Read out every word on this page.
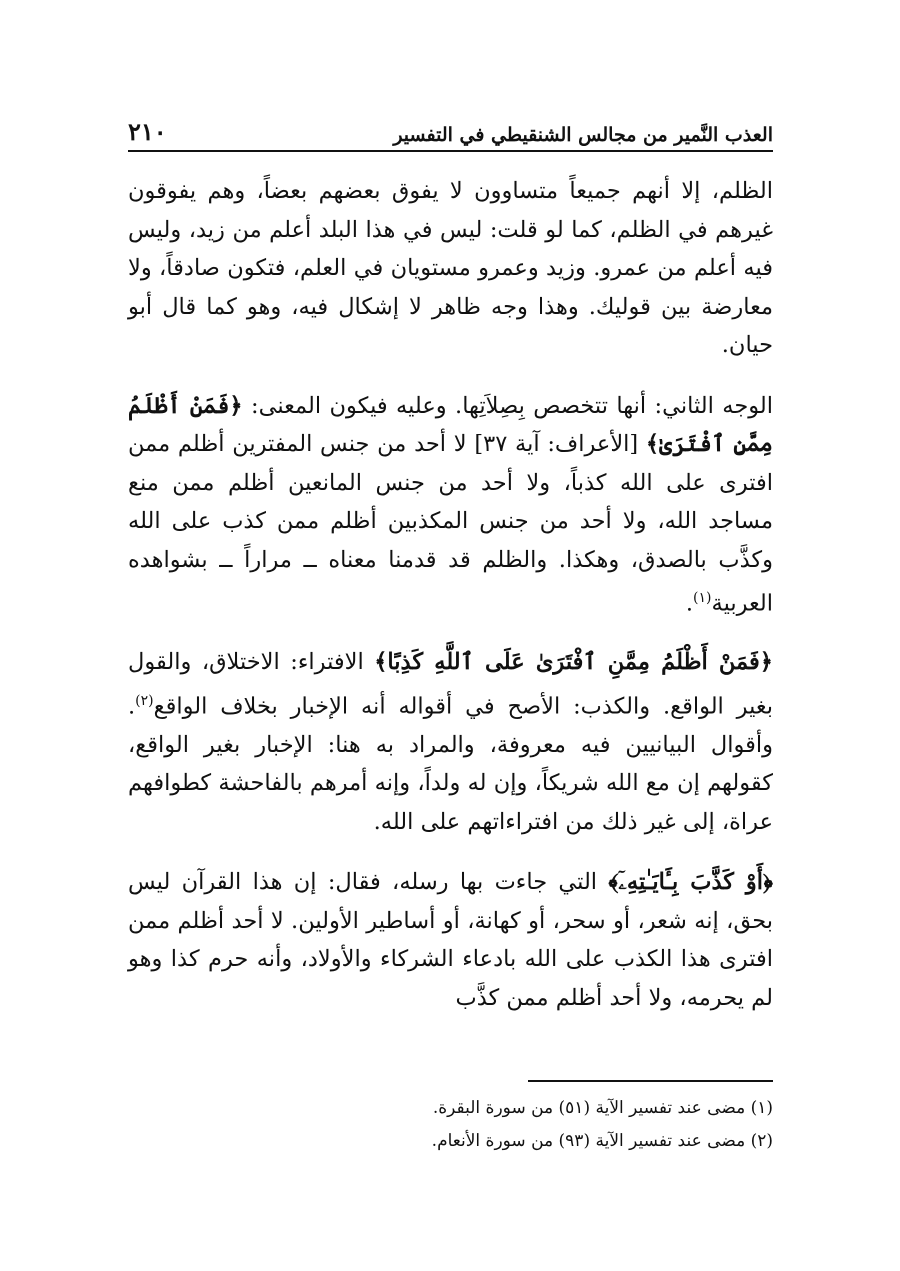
العذب النَّمير من مجالس الشنقيطي في التفسير
٢١٠

الظلم، إلا أنهم جميعاً متساوون لا يفوق بعضهم بعضاً، وهم يفوقون غيرهم في الظلم، كما لو قلت: ليس في هذا البلد أعلم من زيد، وليس فيه أعلم من عمرو. وزيد وعمرو مستويان في العلم، فتكون صادقاً، ولا معارضة بين قوليك. وهذا وجه ظاهر لا إشكال فيه، وهو كما قال أبو حيان.

الوجه الثاني: أنها تتخصص بِصِلاَتِها. وعليه فيكون المعنى: ﴿فَمَنْ أَظْلَمُ مِمَّنِ ٱفْتَرَىٰ﴾ [الأعراف: آية ٣٧] لا أحد من جنس المفترين أظلم ممن افترى على الله كذباً، ولا أحد من جنس المانعين أظلم ممن منع مساجد الله، ولا أحد من جنس المكذبين أظلم ممن كذب على الله وكذَّب بالصدق، وهكذا. والظلم قد قدمنا معناه ــ مراراً ــ بشواهده العربية$^{(١)}$.

﴿فَمَنْ أَظْلَمُ مِمَّنِ ٱفْتَرَىٰ عَلَى ٱللَّهِ كَذِبًا﴾ الافتراء: الاختلاق، والقول بغير الواقع. والكذب: الأصح في أقواله أنه الإخبار بخلاف الواقع$^{(٢)}$. وأقوال البيانيين فيه معروفة، والمراد به هنا: الإخبار بغير الواقع، كقولهم إن مع الله شريكاً، وإن له ولداً، وإنه أمرهم بالفاحشة كطوافهم عراة، إلى غير ذلك من افتراءاتهم على الله.

﴿أَوْ كَذَّبَ بِـَٔايَـٰتِهِۦٓ﴾ التي جاءت بها رسله، فقال: إن هذا القرآن ليس بحق، إنه شعر، أو سحر، أو كهانة، أو أساطير الأولين. لا أحد أظلم ممن افترى هذا الكذب على الله بادعاء الشركاء والأولاد، وأنه حرم كذا وهو لم يحرمه، ولا أحد أظلم ممن كذَّب

(١) مضى عند تفسير الآية (٥١) من سورة البقرة.

(٢) مضى عند تفسير الآية (٩٣) من سورة الأنعام.
